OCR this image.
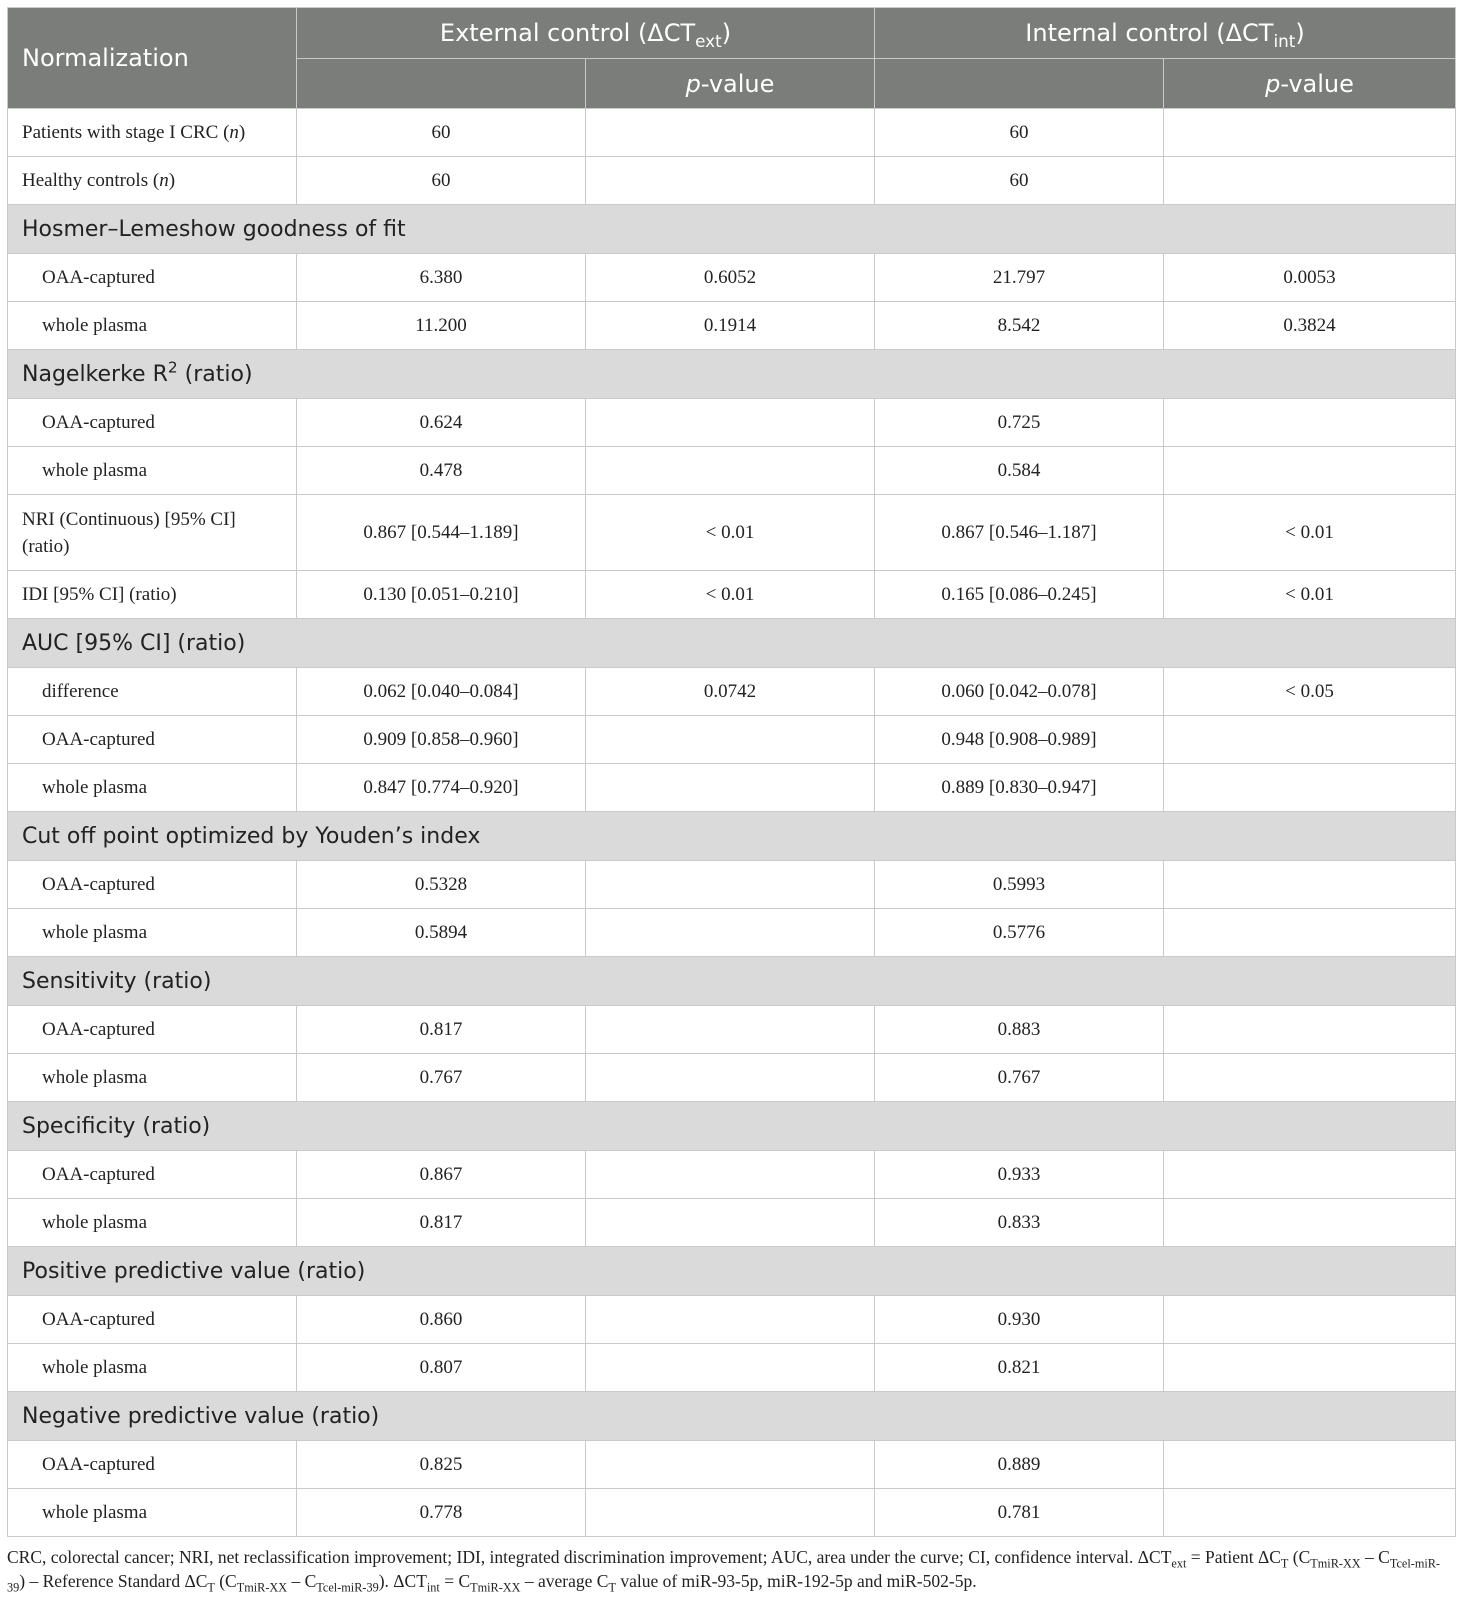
Normalization	External control $(\Delta CT_{ext})$		Internal control $(\Delta CT_{int})$	
		p-value		p-value
Patients with stage I CRC (n)	60		60	
Healthy controls (n)	60		60	
Hosmer–Lemeshow goodness of fit				
OAA-captured	6.380	0.6052	21.797	0.0053
whole plasma	11.200	0.1914	8.542	0.3824
Nagelkerke $R^2$ (ratio)				
OAA-captured	0.624		0.725	
whole plasma	0.478		0.584	
NRI (Continuous) [95% CI] (ratio)	0.867 [0.544–1.189]	< 0.01	0.867 [0.546–1.187]	< 0.01
IDI [95% CI] (ratio)	0.130 [0.051–0.210]	< 0.01	0.165 [0.086–0.245]	< 0.01
AUC [95% CI] (ratio)				
difference	0.062 [0.040–0.084]	0.0742	0.060 [0.042–0.078]	< 0.05
OAA-captured	0.909 [0.858–0.960]		0.948 [0.908–0.989]	
whole plasma	0.847 [0.774–0.920]		0.889 [0.830–0.947]	
Cut off point optimized by Youden’s index				
OAA-captured	0.5328		0.5993	
whole plasma	0.5894		0.5776	
Sensitivity (ratio)				
OAA-captured	0.817		0.883	
whole plasma	0.767		0.767	
Specificity (ratio)				
OAA-captured	0.867		0.933	
whole plasma	0.817		0.833	
Positive predictive value (ratio)				
OAA-captured	0.860		0.930	
whole plasma	0.807		0.821	
Negative predictive value (ratio)				
OAA-captured	0.825		0.889	
whole plasma	0.778		0.781	
CRC, colorectal cancer; NRI, net reclassification improvement; IDI, integrated discrimination improvement; AUC, area under the curve; CI, confidence interval. $\Delta CT_{ext}$ = Patient $\Delta C_T$ $(C_{TmiR-XX} - C_{Tcel-miR-39})$ – Reference Standard $\Delta C_T$ $(C_{TmiR-XX} - C_{Tcel-miR-39})$. $\Delta CT_{int} = C_{TmiR-XX}$ – average $C_T$ value of miR-93-5p, miR-192-5p and miR-502-5p.
